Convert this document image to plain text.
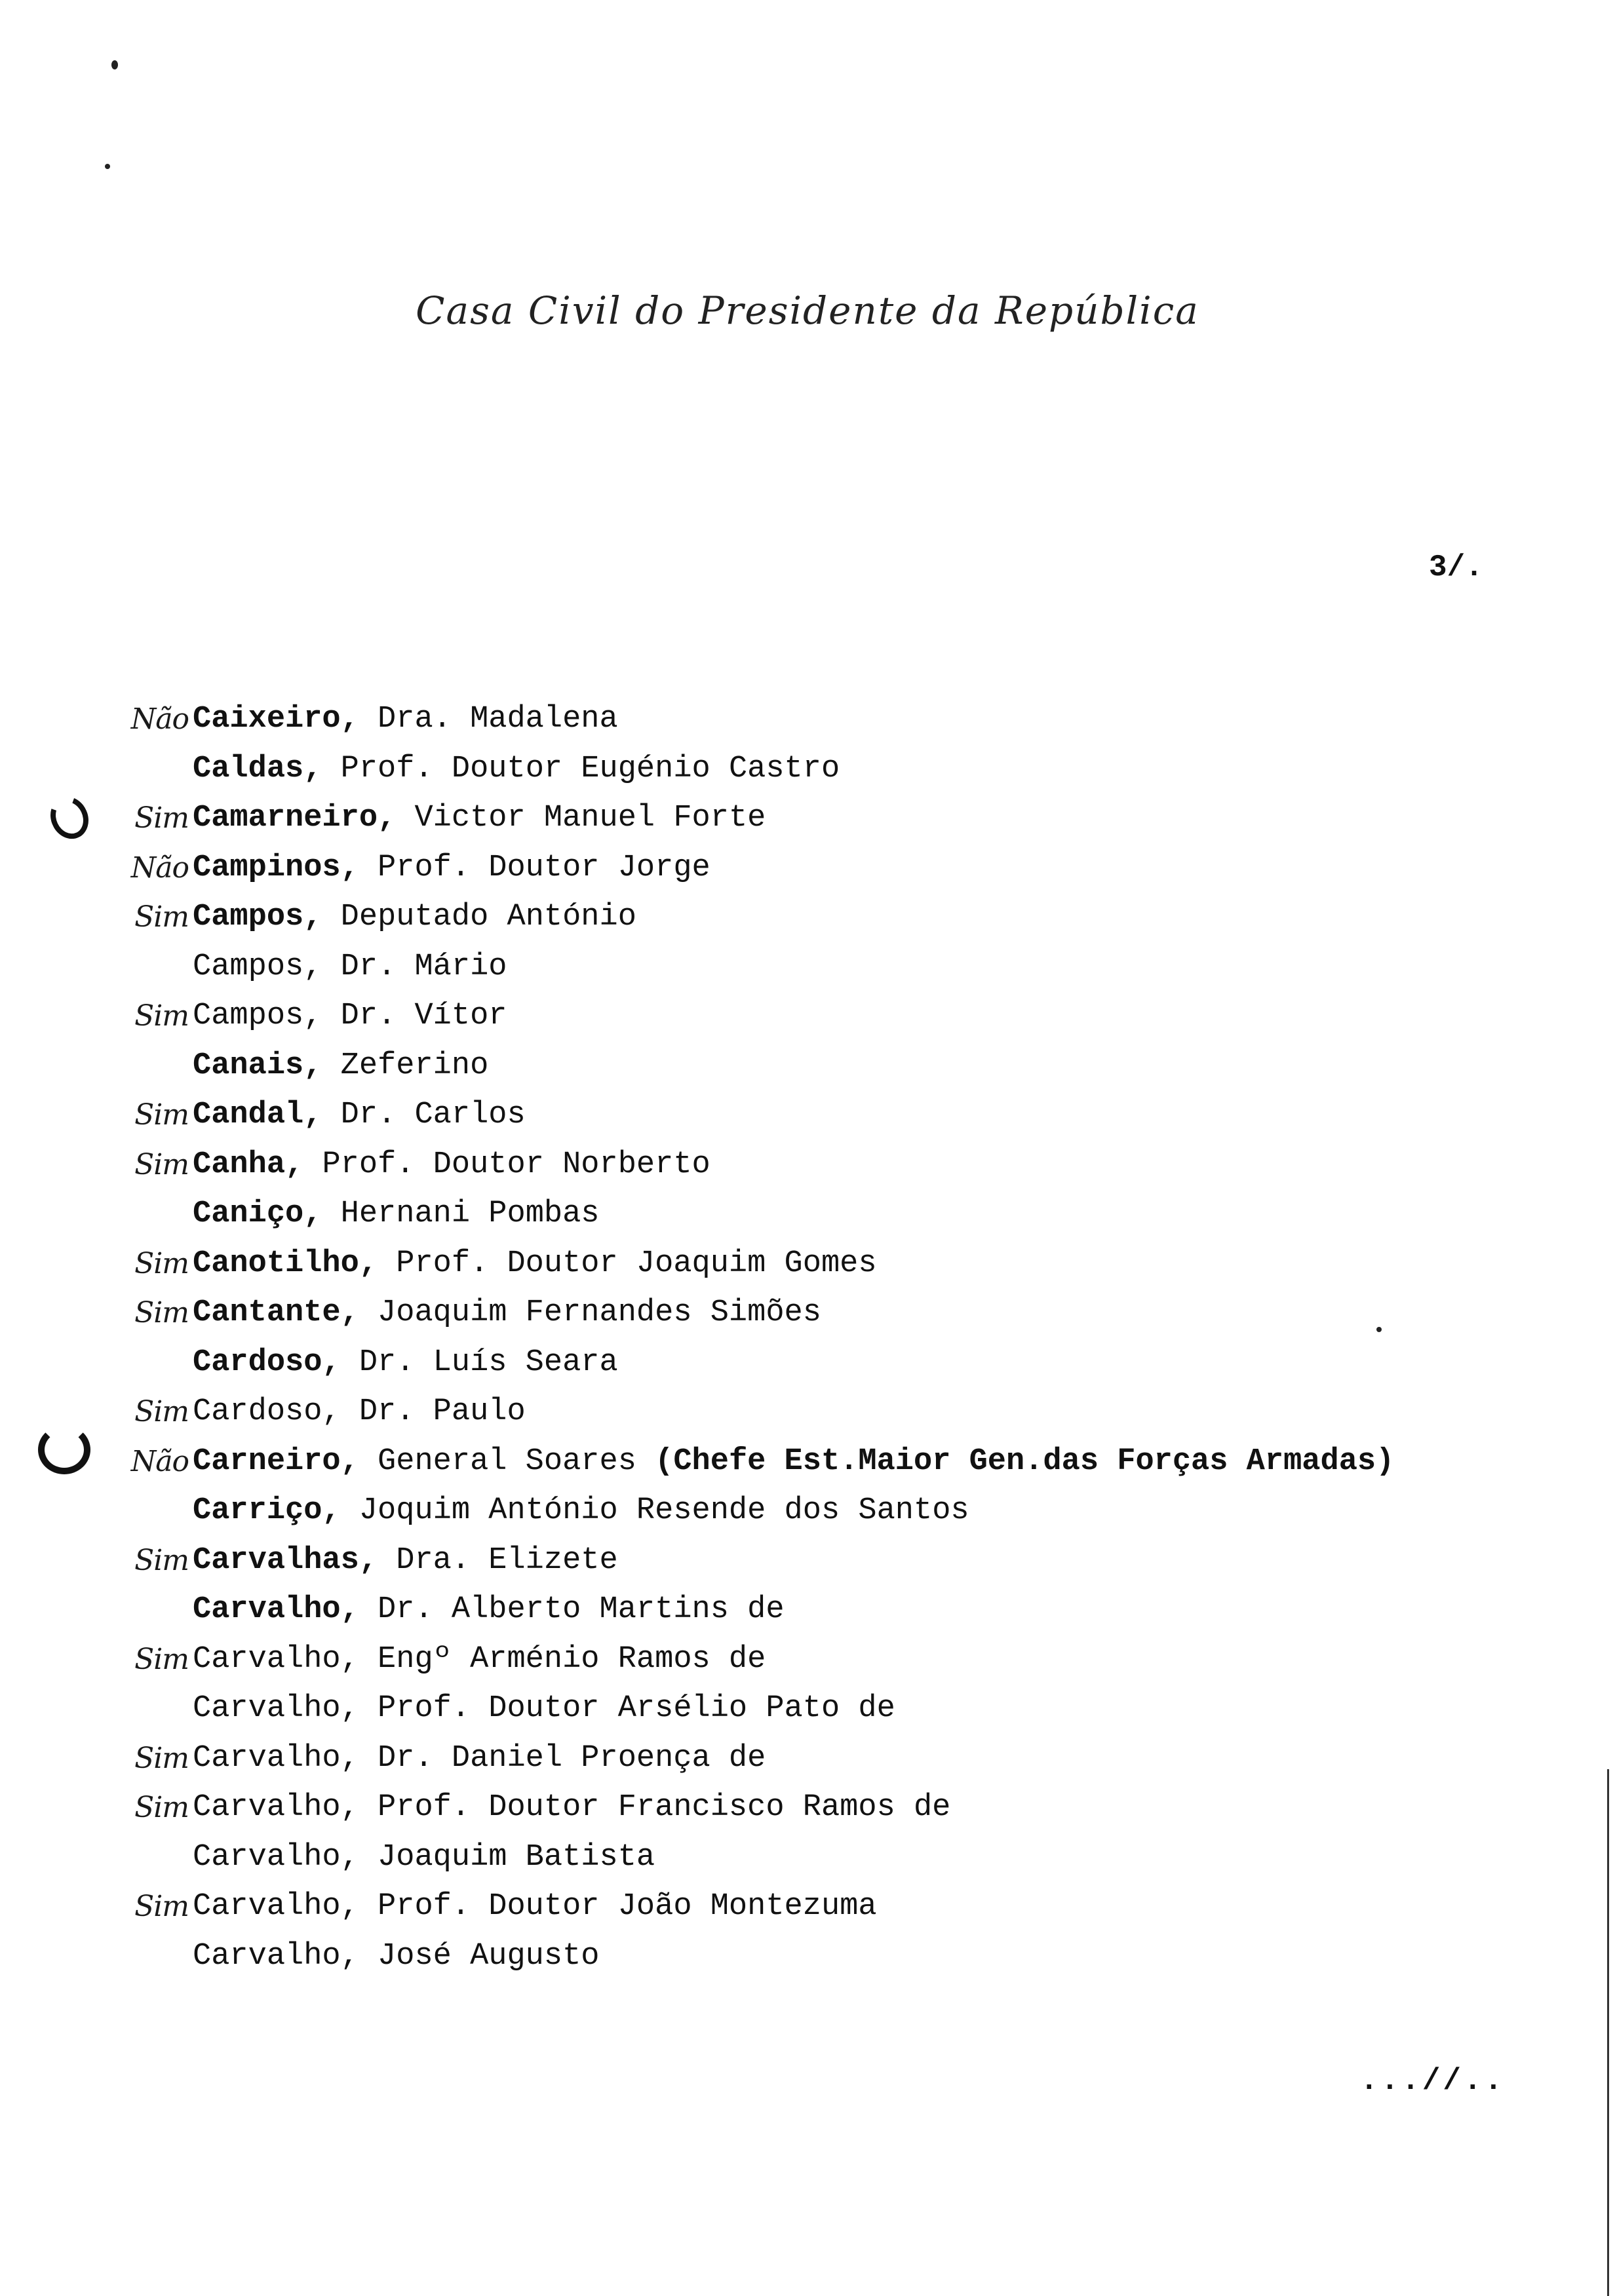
Casa Civil do Presidente da República
3/.
Não Caixeiro, Dra. Madalena
Caldas, Prof. Doutor Eugénio Castro
Sim Camarneiro, Victor Manuel Forte
Não Campinos, Prof. Doutor Jorge
Sim Campos, Deputado António
Campos, Dr. Mário
Sim Campos, Dr. Vítor
Canais, Zeferino
Sim Candal, Dr. Carlos
Sim Canha, Prof. Doutor Norberto
Caniço, Hernani Pombas
Sim Canotilho, Prof. Doutor Joaquim Gomes
Sim Cantante, Joaquim Fernandes Simões
Cardoso, Dr. Luís Seara
Sim Cardoso, Dr. Paulo
Não Carneiro, General Soares (Chefe Est.Maior Gen.das Forças Armadas)
Carriço, Joquim António Resende dos Santos
Sim Carvalhas, Dra. Elizete
Carvalho, Dr. Alberto Martins de
Sim Carvalho, Engº Arménio Ramos de
Carvalho, Prof. Doutor Arsélio Pato de
Sim Carvalho, Dr. Daniel Proença de
Sim Carvalho, Prof. Doutor Francisco Ramos de
Carvalho, Joaquim Batista
Sim Carvalho, Prof. Doutor João Montezuma
Carvalho, José Augusto
...//..
